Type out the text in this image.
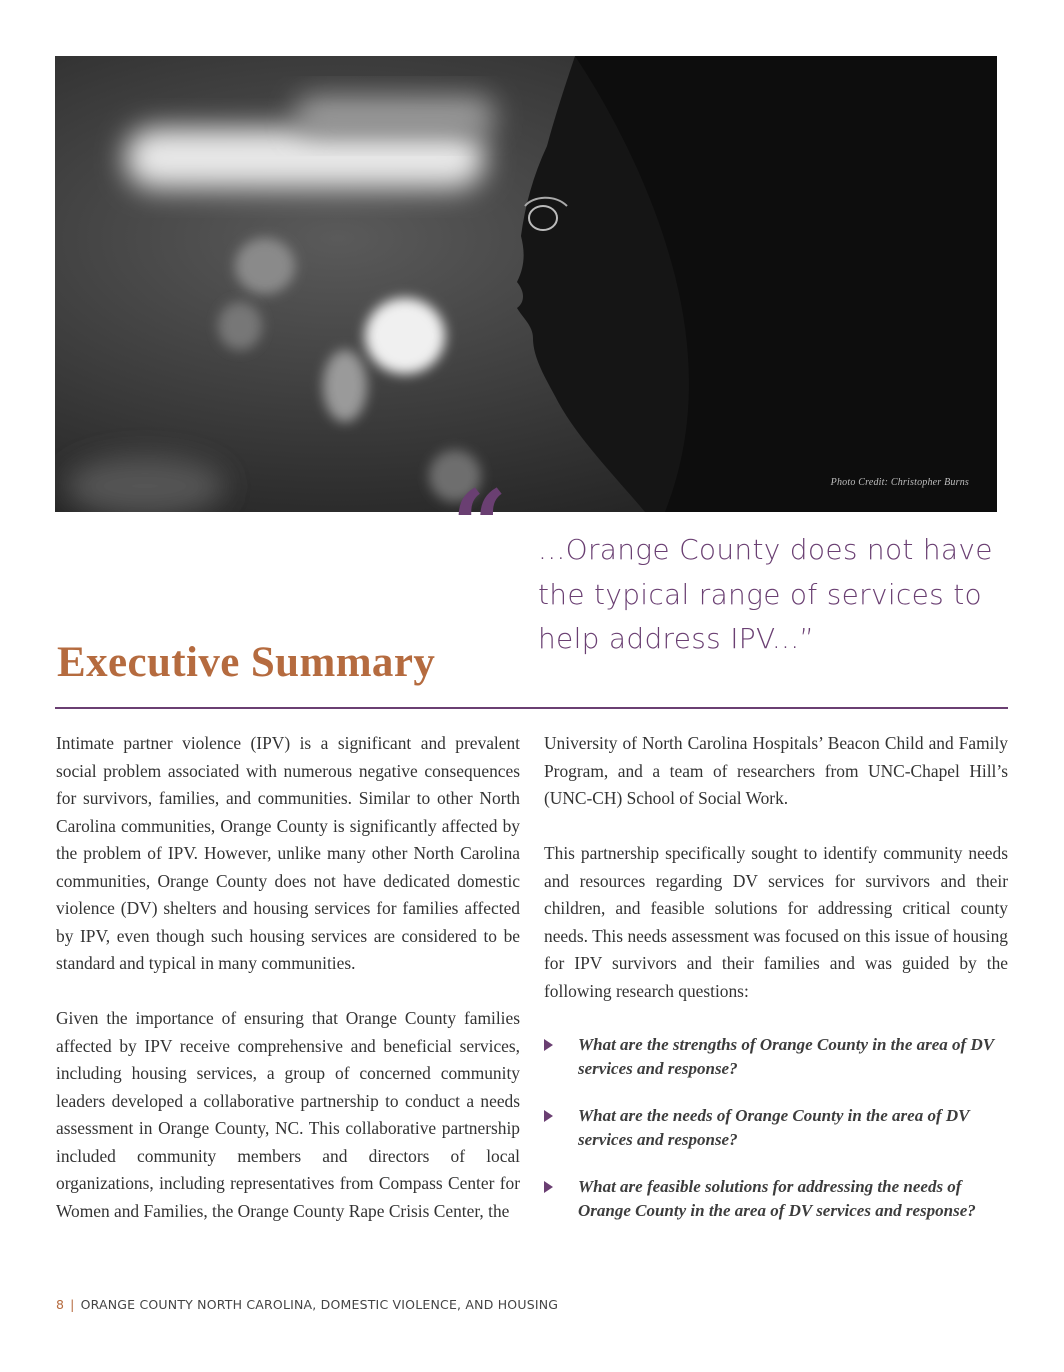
Photo Credit: Christopher Burns
“ ...Orange County does not have the typical range of services to help address IPV...”
Executive Summary

Intimate partner violence (IPV) is a significant and prevalent social problem associated with numerous negative consequences for survivors, families, and communities. Similar to other North Carolina communities, Orange County is significantly affected by the problem of IPV. However, unlike many other North Carolina communities, Orange County does not have dedicated domestic violence (DV) shelters and housing services for families affected by IPV, even though such housing services are considered to be standard and typical in many communities.

Given the importance of ensuring that Orange County families affected by IPV receive comprehensive and beneficial services, including housing services, a group of concerned community leaders developed a collaborative partnership to conduct a needs assessment in Orange County, NC. This collaborative partnership included community members and directors of local organizations, including representatives from Compass Center for Women and Families, the Orange County Rape Crisis Center, the

University of North Carolina Hospitals’ Beacon Child and Family Program, and a team of researchers from UNC-Chapel Hill’s (UNC-CH) School of Social Work.

This partnership specifically sought to identify community needs and resources regarding DV services for survivors and their children, and feasible solutions for addressing critical county needs. This needs assessment was focused on this issue of housing for IPV survivors and their families and was guided by the following research questions:

What are the strengths of Orange County in the area of DV services and response?
What are the needs of Orange County in the area of DV services and response?
What are feasible solutions for addressing the needs of Orange County in the area of DV services and response?
8 | ORANGE COUNTY NORTH CAROLINA, DOMESTIC VIOLENCE, AND HOUSING
